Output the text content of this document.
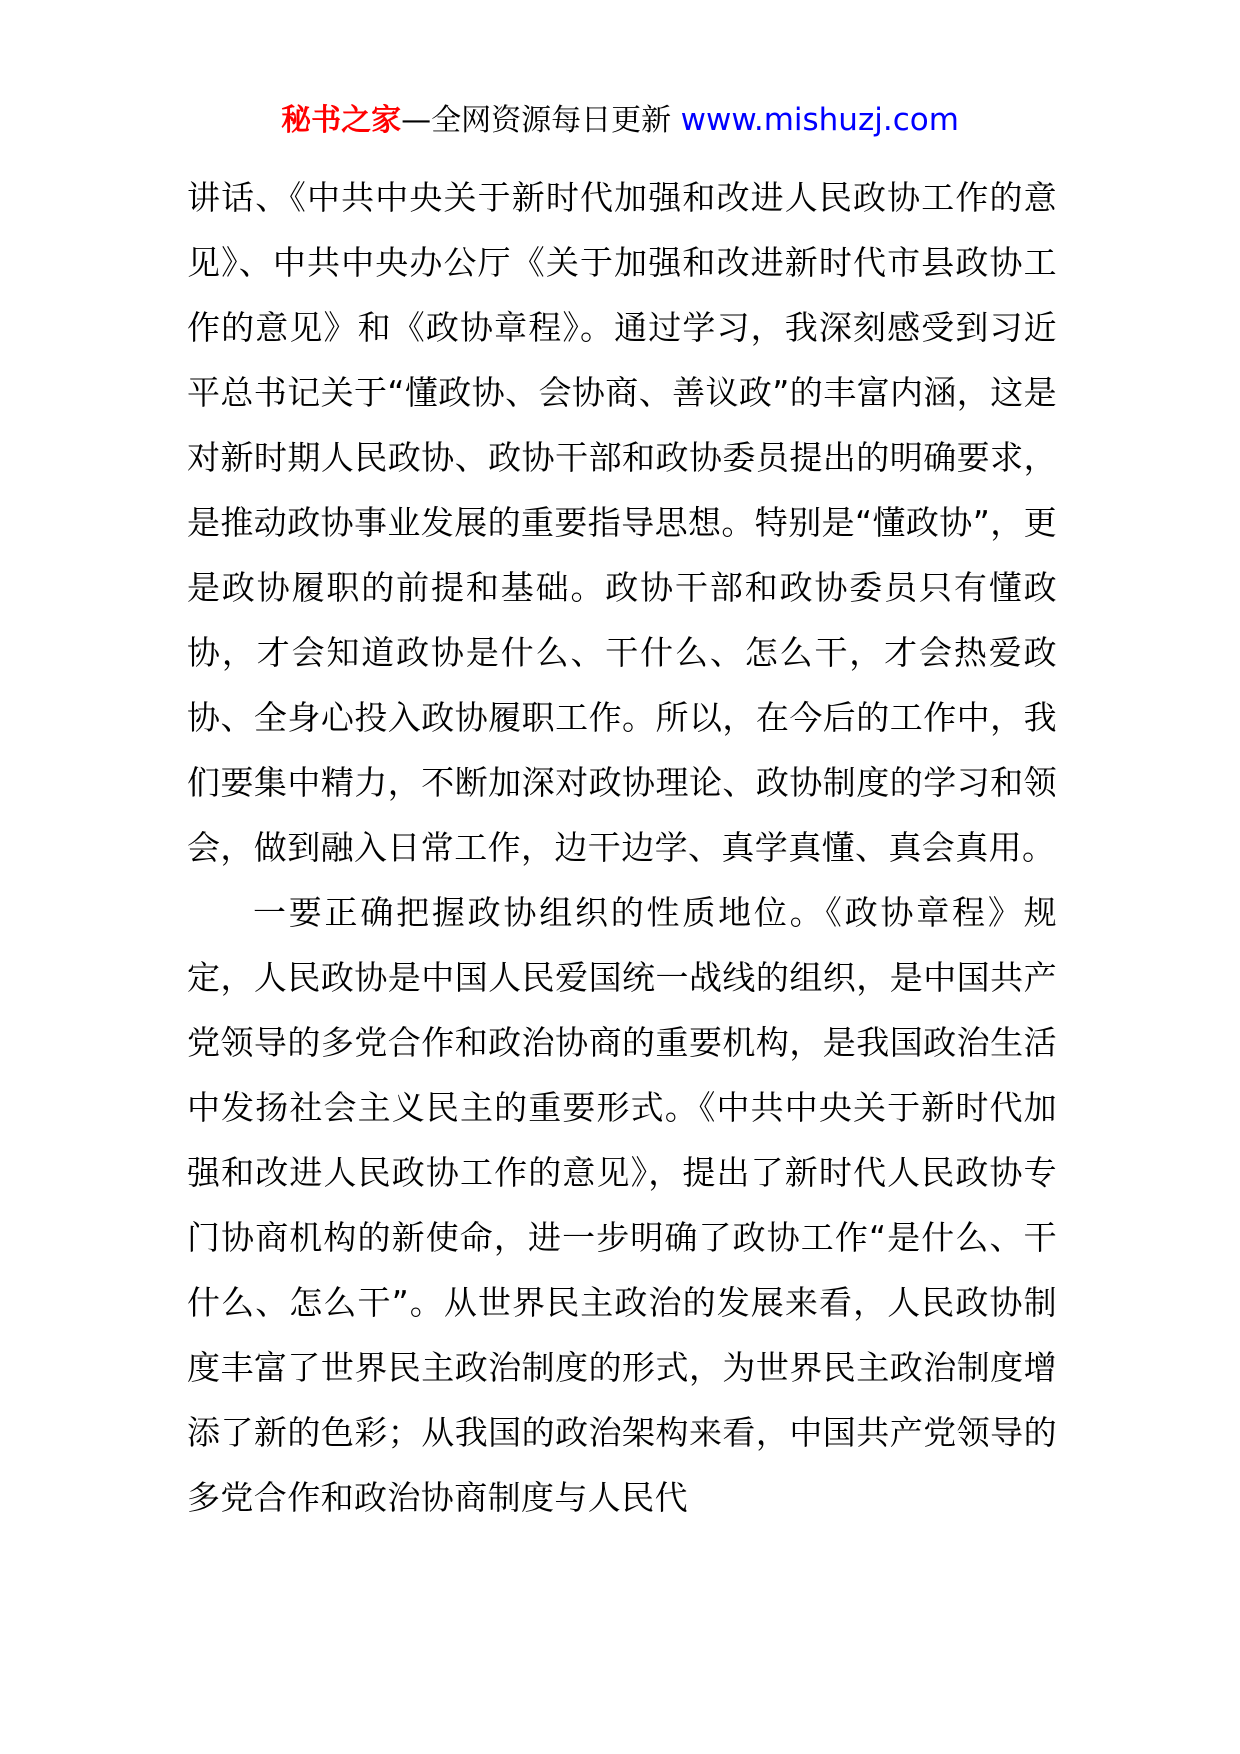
秘书之家—全网资源每日更新 www.mishuzj.com

讲话、《中共中央关于新时代加强和改进人民政协工作的意见》、中共中央办公厅《关于加强和改进新时代市县政协工作的意见》和《政协章程》。通过学习，我深刻感受到习近平总书记关于“懂政协、会协商、善议政”的丰富内涵，这是对新时期人民政协、政协干部和政协委员提出的明确要求，是推动政协事业发展的重要指导思想。特别是“懂政协”，更是政协履职的前提和基础。政协干部和政协委员只有懂政协，才会知道政协是什么、干什么、怎么干，才会热爱政协、全身心投入政协履职工作。所以，在今后的工作中，我们要集中精力，不断加深对政协理论、政协制度的学习和领会，做到融入日常工作，边干边学、真学真懂、真会真用。

一要正确把握政协组织的性质地位。《政协章程》规定，人民政协是中国人民爱国统一战线的组织，是中国共产党领导的多党合作和政治协商的重要机构，是我国政治生活中发扬社会主义民主的重要形式。《中共中央关于新时代加强和改进人民政协工作的意见》，提出了新时代人民政协专门协商机构的新使命，进一步明确了政协工作“是什么、干什么、怎么干”。从世界民主政治的发展来看，人民政协制度丰富了世界民主政治制度的形式，为世界民主政治制度增添了新的色彩；从我国的政治架构来看，中国共产党领导的多党合作和政治协商制度与人民代
